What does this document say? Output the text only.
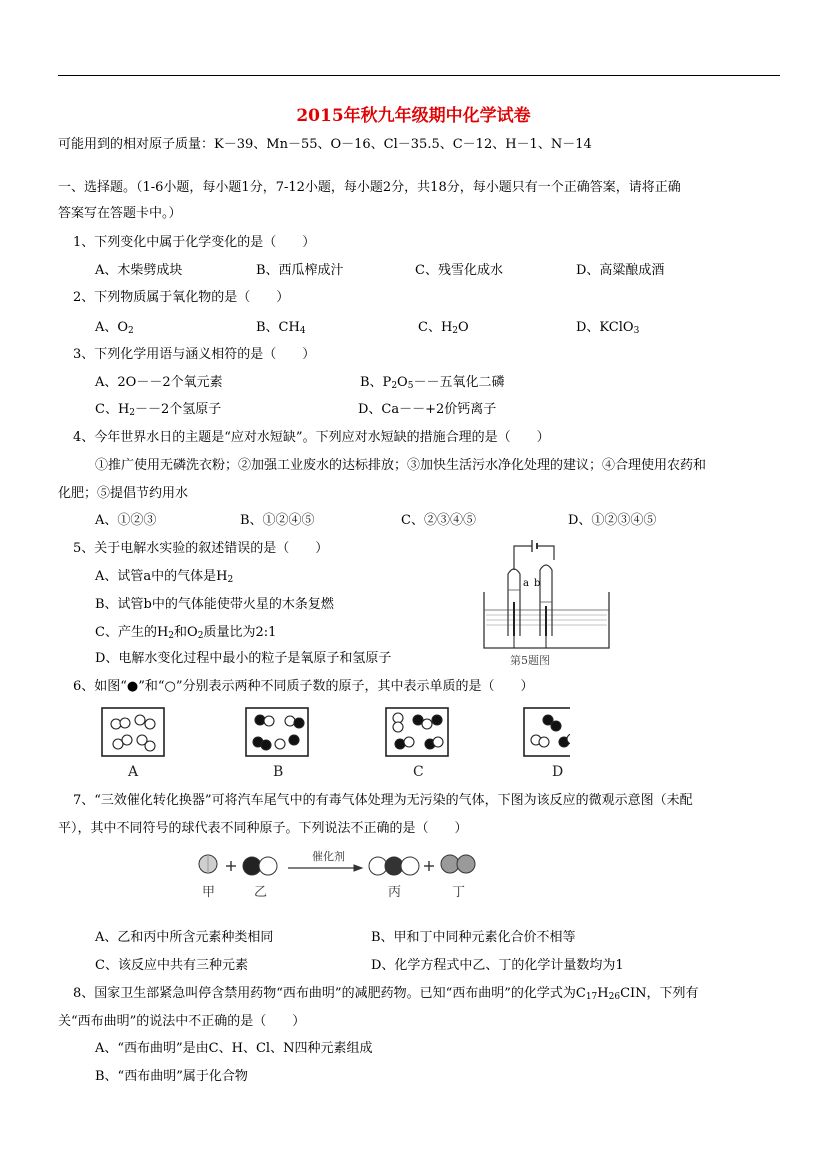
2015年秋九年级期中化学试卷
可能用到的相对原子质量：K－39、Mn－55、O－16、Cl－35.5、C－12、H－1、N－14
一、选择题。（1-6小题，每小题1分，7-12小题，每小题2分，共18分，每小题只有一个正确答案，请将正确
答案写在答题卡中。）
1、下列变化中属于化学变化的是（　　）
A、木柴劈成块	B、西瓜榨成汁	C、残雪化成水	D、高粱酿成酒
2、下列物质属于氧化物的是（　　）
A、$O_2$	B、$CH_4$	C、$H_2O$	D、KClO$_3$
3、下列化学用语与涵义相符的是（　　）
A、2O－－2个氧元素	B、$P_2O_5--$五氧化二磷
C、$H_2--2$个氢原子	D、Ca－－+2价钙离子
4、今年世界水日的主题是“应对水短缺”。下列应对水短缺的措施合理的是（　　）
①推广使用无磷洗衣粉；②加强工业废水的达标排放；③加快生活污水净化处理的建议；④合理使用农药和
化肥；⑤提倡节约用水
A、①②③	B、①②④⑤	C、②③④⑤	D、①②③④⑤
5、关于电解水实验的叙述错误的是（　　）
A、试管a中的气体是$H_2$
B、试管b中的气体能使带火星的木条复燃
C、产生的$H_2$和$O_2$质量比为2:1
D、电解水变化过程中最小的粒子是氧原子和氢原子
a b
第5题图
6、如图“●”和“○”分别表示两种不同质子数的原子，其中表示单质的是（　　）
A	B	C	D
7、“三效催化转化换器”可将汽车尾气中的有毒气体处理为无污染的气体，下图为该反应的微观示意图（未配
平），其中不同符号的球代表不同种原子。下列说法不正确的是（　　）
催化剂
甲	乙	丙	丁
A、乙和丙中所含元素种类相同	B、甲和丁中同种元素化合价不相等
C、该反应中共有三种元素	D、化学方程式中乙、丁的化学计量数均为1
8、国家卫生部紧急叫停含禁用药物“西布曲明”的减肥药物。已知“西布曲明”的化学式为$C_{17}H_{26}CIN$，下列有
关“西布曲明”的说法中不正确的是（　　）
A、“西布曲明”是由C、H、Cl、N四种元素组成
B、“西布曲明”属于化合物
